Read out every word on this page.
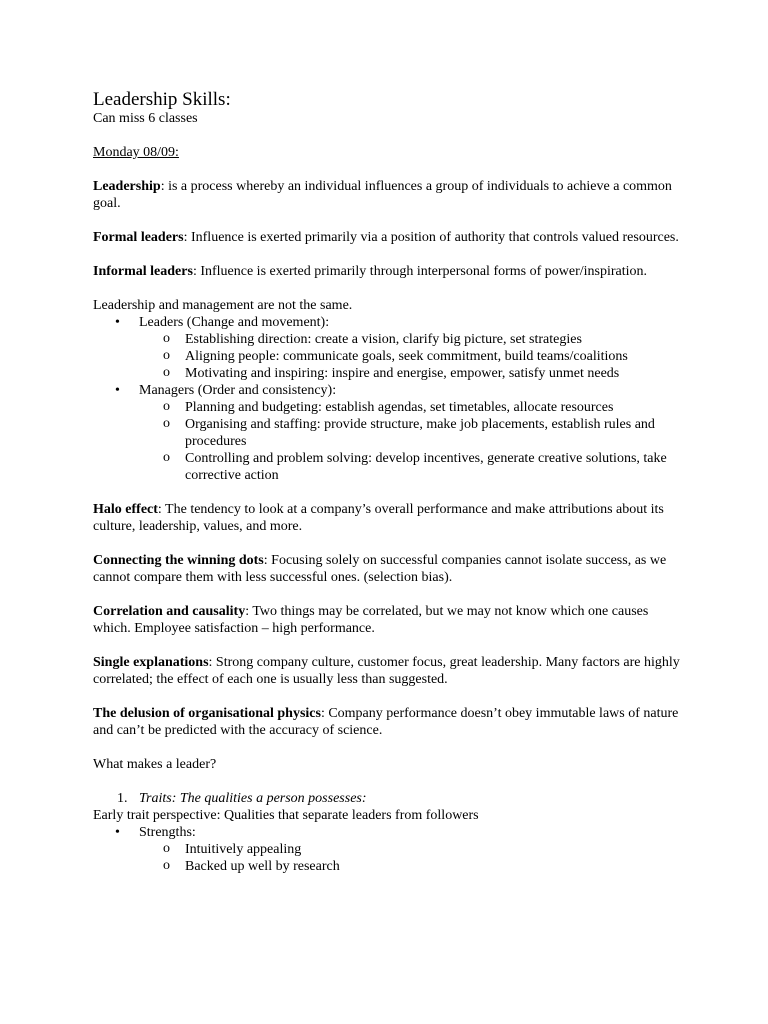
Leadership Skills:

Can miss 6 classes

Monday 08/09:

Leadership: is a process whereby an individual influences a group of individuals to achieve a common goal.

Formal leaders: Influence is exerted primarily via a position of authority that controls valued resources.

Informal leaders: Influence is exerted primarily through interpersonal forms of power/inspiration.

Leadership and management are not the same.

• Leaders (Change and movement):
o Establishing direction: create a vision, clarify big picture, set strategies
o Aligning people: communicate goals, seek commitment, build teams/coalitions
o Motivating and inspiring: inspire and energise, empower, satisfy unmet needs
• Managers (Order and consistency):
o Planning and budgeting: establish agendas, set timetables, allocate resources
o Organising and staffing: provide structure, make job placements, establish rules and procedures
o Controlling and problem solving: develop incentives, generate creative solutions, take corrective action

Halo effect: The tendency to look at a company’s overall performance and make attributions about its culture, leadership, values, and more.

Connecting the winning dots: Focusing solely on successful companies cannot isolate success, as we cannot compare them with less successful ones. (selection bias).

Correlation and causality: Two things may be correlated, but we may not know which one causes which. Employee satisfaction – high performance.

Single explanations: Strong company culture, customer focus, great leadership. Many factors are highly correlated; the effect of each one is usually less than suggested.

The delusion of organisational physics: Company performance doesn’t obey immutable laws of nature and can’t be predicted with the accuracy of science.

What makes a leader?

1. Traits: The qualities a person possesses:

Early trait perspective: Qualities that separate leaders from followers

• Strengths:
o Intuitively appealing
o Backed up well by research
